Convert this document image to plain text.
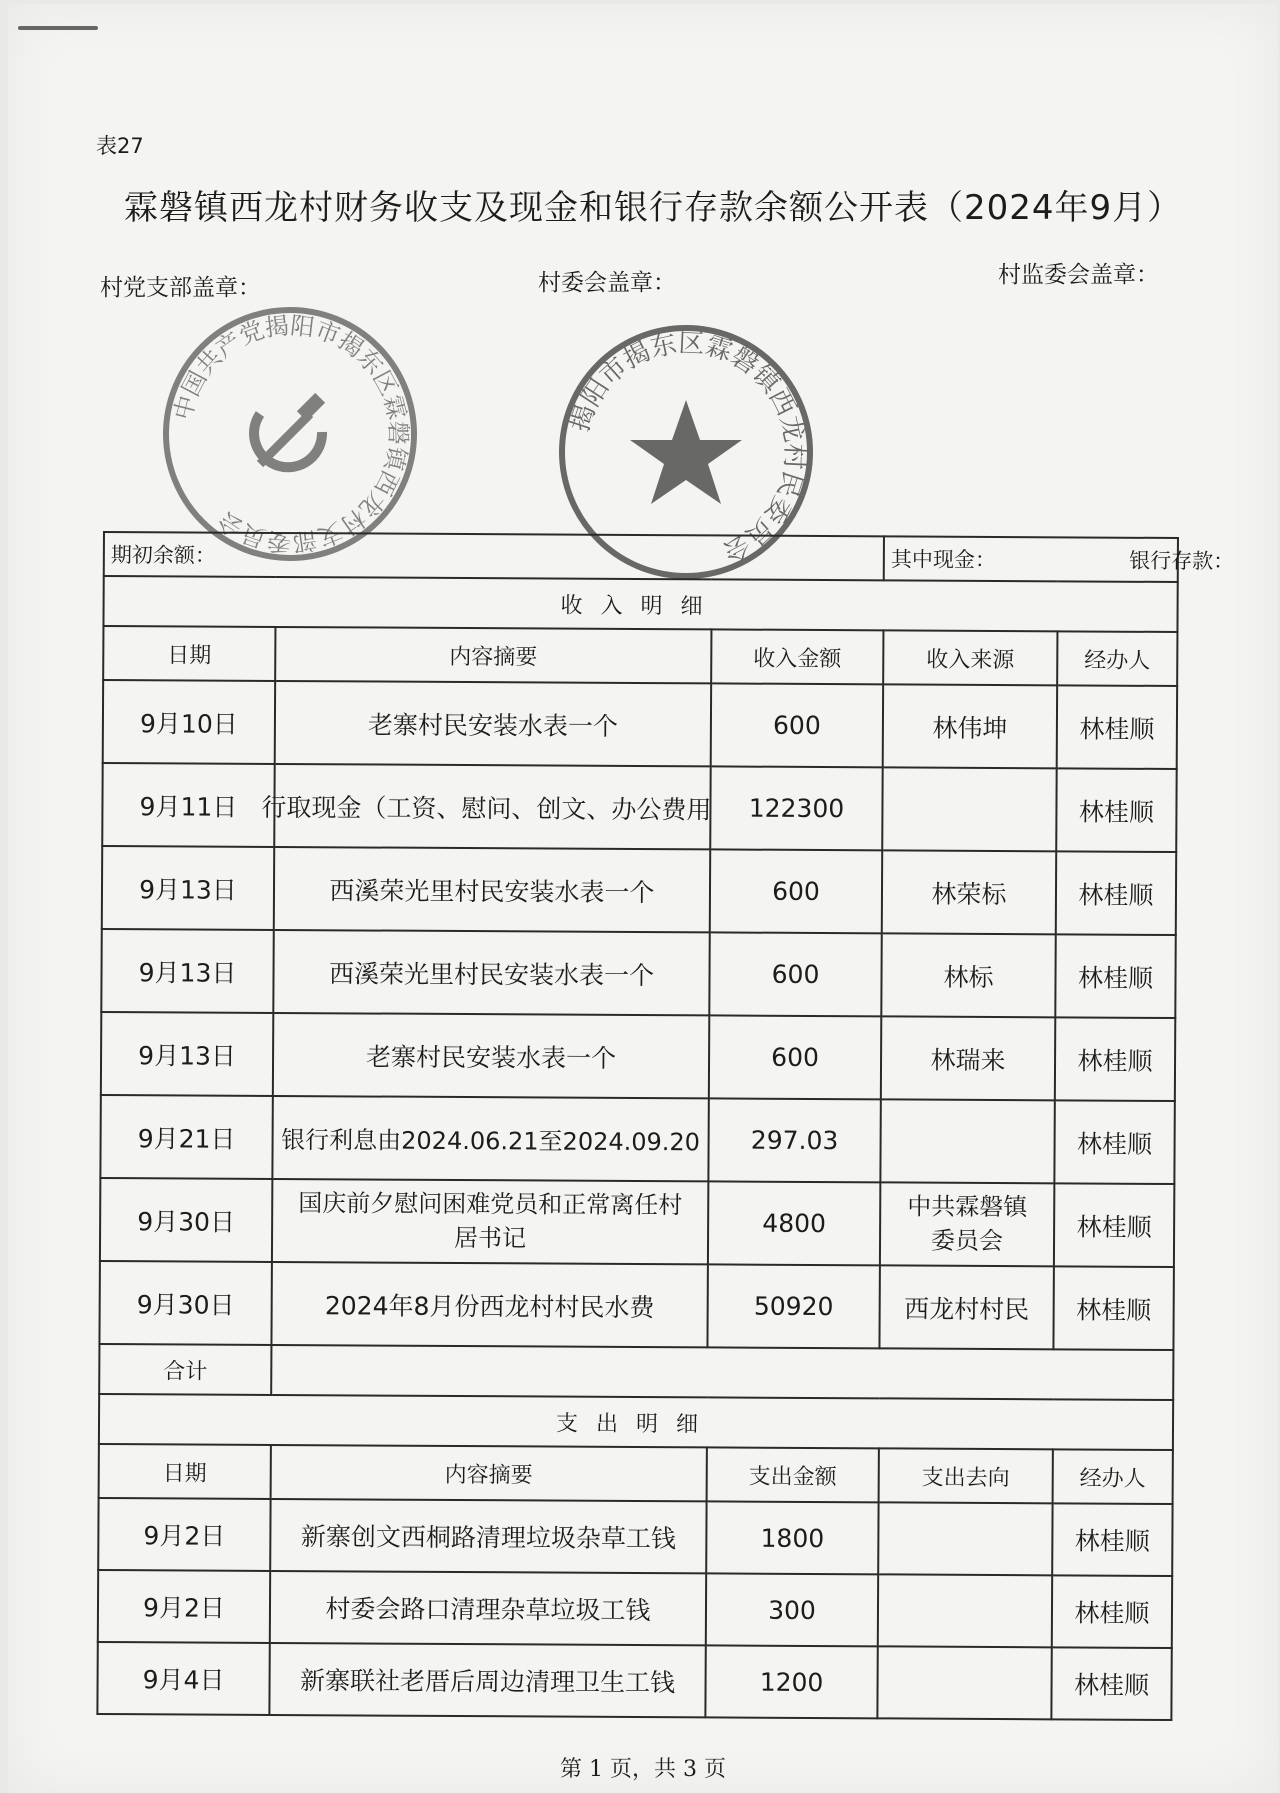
表27
霖磐镇西龙村财务收支及现金和银行存款余额公开表（2024年9月）
村党支部盖章：	村委会盖章：	村监委会盖章：
中国共产党揭阳市揭东区霖磐镇西龙村支部委员会
揭阳市揭东区霖磐镇西龙村民委员会
期初余额：			其中现金： 银行存款：	
收入明细				
日期	内容摘要	收入金额	收入来源	经办人
9月10日	老寨村民安装水表一个	600	林伟坤	林桂顺
9月11日	行取现金（工资、慰问、创文、办公费用	122300		林桂顺
9月13日	西溪荣光里村民安装水表一个	600	林荣标	林桂顺
9月13日	西溪荣光里村民安装水表一个	600	林标	林桂顺
9月13日	老寨村民安装水表一个	600	林瑞来	林桂顺
9月21日	银行利息由2024.06.21至2024.09.20	297.03		林桂顺
9月30日	国庆前夕慰问困难党员和正常离任村居书记	4800	中共霖磐镇委员会	林桂顺
9月30日	2024年8月份西龙村村民水费	50920	西龙村村民	林桂顺
合计				
支出明细				
日期	内容摘要	支出金额	支出去向	经办人
9月2日	新寨创文西桐路清理垃圾杂草工钱	1800		林桂顺
9月2日	村委会路口清理杂草垃圾工钱	300		林桂顺
9月4日	新寨联社老厝后周边清理卫生工钱	1200		林桂顺
第 1 页，共 3 页
